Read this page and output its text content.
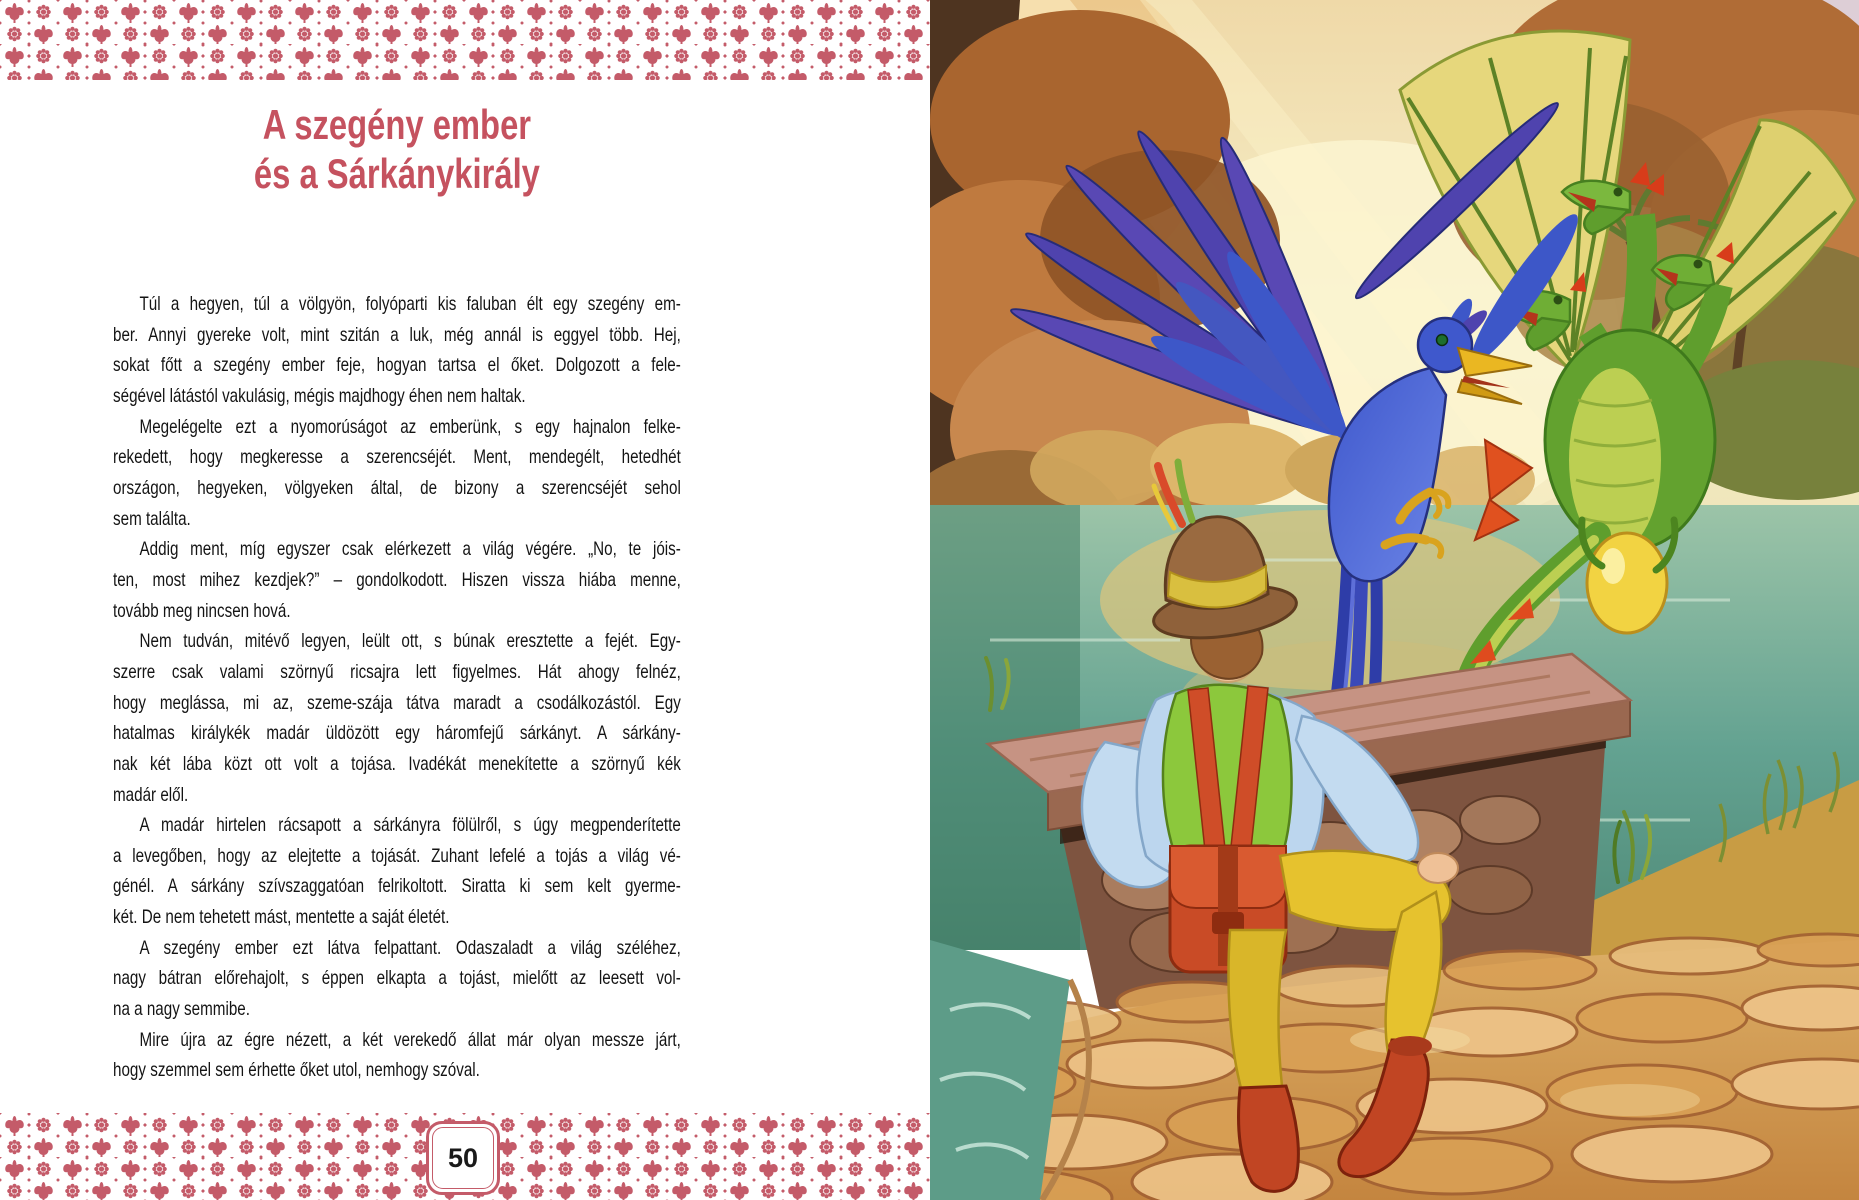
A szegény ember
és a Sárkánykirály
Túl a hegyen, túl a völgyön, folyóparti kis faluban élt egy szegény em-
ber. Annyi gyereke volt, mint szitán a luk, még annál is eggyel több. Hej,
sokat főtt a szegény ember feje, hogyan tartsa el őket. Dolgozott a fele-
ségével látástól vakulásig, mégis majdhogy éhen nem haltak.
Megelégelte ezt a nyomorúságot az emberünk, s egy hajnalon felke-
rekedett, hogy megkeresse a szerencséjét. Ment, mendegélt, hetedhét
országon, hegyeken, völgyeken által, de bizony a szerencséjét sehol
sem találta.
Addig ment, míg egyszer csak elérkezett a világ végére. „No, te jóis-
ten, most mihez kezdjek?” – gondolkodott. Hiszen vissza hiába menne,
tovább meg nincsen hová.
Nem tudván, mitévő legyen, leült ott, s búnak eresztette a fejét. Egy-
szerre csak valami szörnyű ricsajra lett figyelmes. Hát ahogy felnéz,
hogy meglássa, mi az, szeme-szája tátva maradt a csodálkozástól. Egy
hatalmas királykék madár üldözött egy háromfejű sárkányt. A sárkány-
nak két lába közt ott volt a tojása. Ivadékát menekítette a szörnyű kék
madár elől.
A madár hirtelen rácsapott a sárkányra fölülről, s úgy megpenderítette
a levegőben, hogy az elejtette a tojását. Zuhant lefelé a tojás a világ vé-
génél. A sárkány szívszaggatóan felrikoltott. Siratta ki sem kelt gyerme-
két. De nem tehetett mást, mentette a saját életét.
A szegény ember ezt látva felpattant. Odaszaladt a világ széléhez,
nagy bátran előrehajolt, s éppen elkapta a tojást, mielőtt az leesett vol-
na a nagy semmibe.
Mire újra az égre nézett, a két verekedő állat már olyan messze járt,
hogy szemmel sem érhette őket utol, nemhogy szóval.
50
